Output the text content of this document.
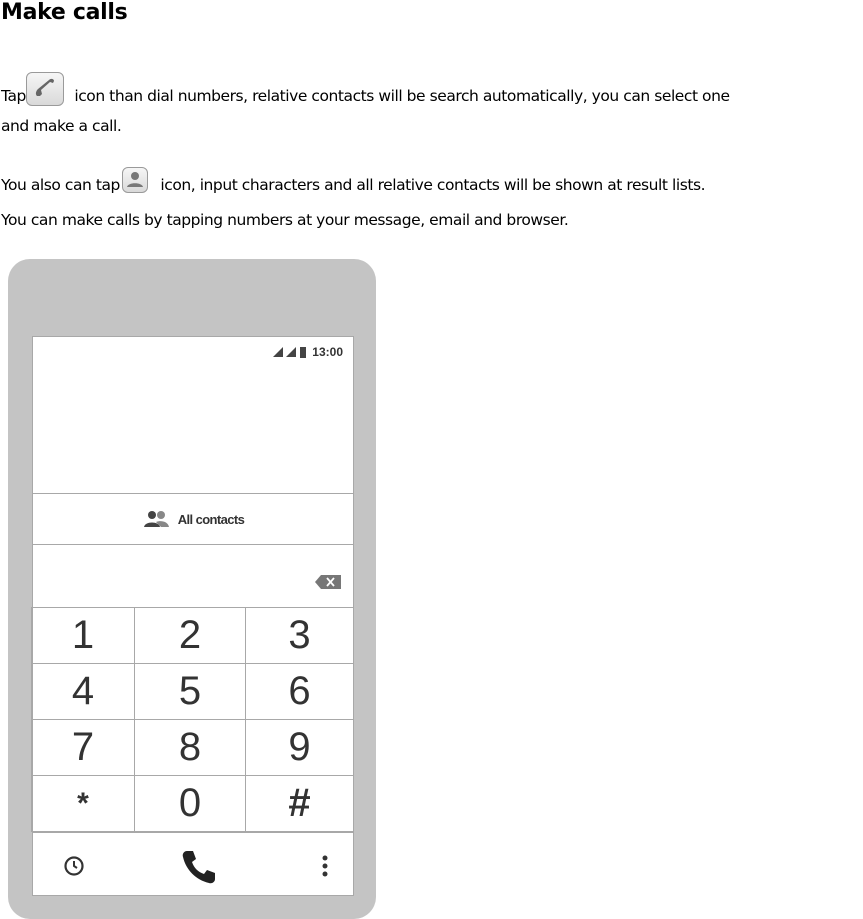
Make calls
Tap	icon than dial numbers, relative contacts will be search automatically, you can select one
and make a call.
You also can tap	icon, input characters and all relative contacts will be shown at result lists.
You can make calls by tapping numbers at your message, email and browser.
13:00
All contacts
1	2	3
4	5	6
7	8	9
*	0	#
